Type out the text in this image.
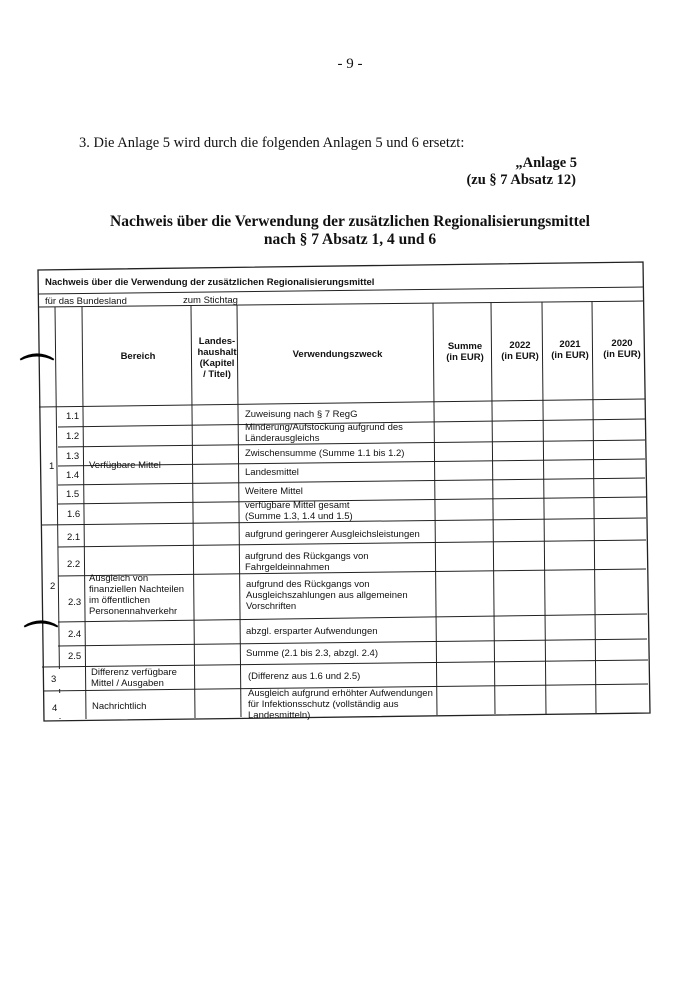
- 9 -
3. Die Anlage 5 wird durch die folgenden Anlagen 5 und 6 ersetzt:
„Anlage 5
(zu § 7 Absatz 12)
Nachweis über die Verwendung der zusätzlichen Regionalisierungsmittel
nach § 7 Absatz 1, 4 und 6
⌒
⌒
Nachweis über die Verwendung der zusätzlichen Regionalisierungsmittel
für das Bundesland	zum Stichtag
Bereich
Landes-
haushalt
(Kapitel
/ Titel)
Verwendungszweck
Summe
(in EUR)
2022
(in EUR)
2021
(in EUR)
2020
(in EUR)
1
2
3
4
Verfügbare Mittel
Ausgleich von
finanziellen Nachteilen
im öffentlichen
Personennahverkehr
Differenz verfügbare
Mittel / Ausgaben
Nachrichtlich
1.1
1.2
1.3
1.4
1.5
1.6
2.1
2.2
2.3
2.4
2.5
Zuweisung nach § 7 RegG
Minderung/Aufstockung aufgrund des
Länderausgleichs
Zwischensumme (Summe 1.1 bis 1.2)
Landesmittel
Weitere Mittel
verfügbare Mittel gesamt
(Summe 1.3, 1.4 und 1.5)
aufgrund geringerer Ausgleichsleistungen
aufgrund des Rückgangs von
Fahrgeldeinnahmen
aufgrund des Rückgangs von
Ausgleichszahlungen aus allgemeinen
Vorschriften
abzgl. ersparter Aufwendungen
Summe (2.1 bis 2.3, abzgl. 2.4)
(Differenz aus 1.6 und 2.5)
Ausgleich aufgrund erhöhter Aufwendungen
für Infektionsschutz (vollständig aus
Landesmitteln)
